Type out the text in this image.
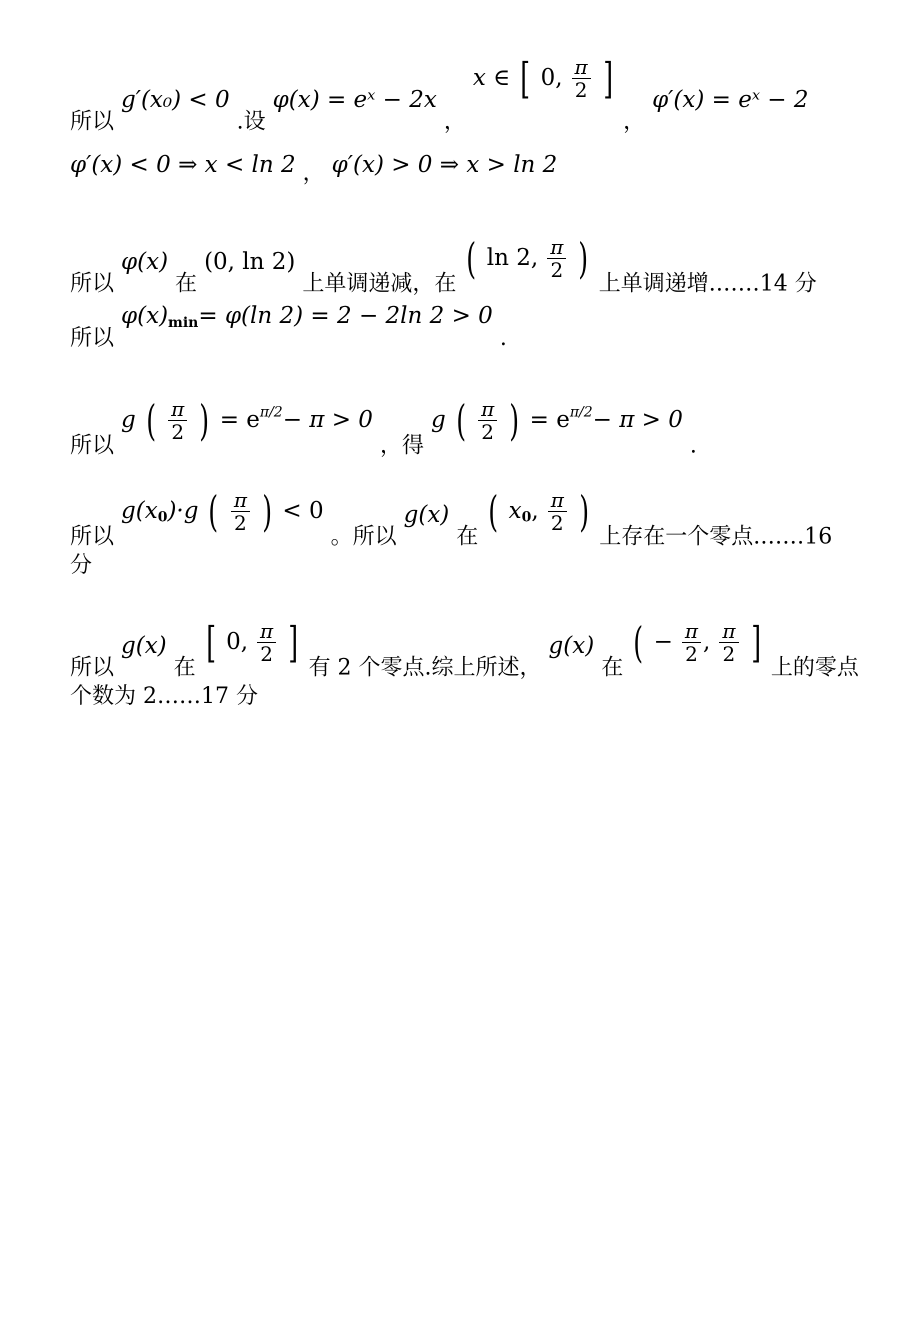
所以 g′(x₀) < 0 .设 φ(x) = eˣ − 2x ， x ∈ [ 0, $\frac{\pi}{2}$ ] ， φ′(x) = eˣ − 2
φ′(x) < 0 ⇒ x < ln 2 ， φ′(x) > 0 ⇒ x > ln 2
所以 φ(x) 在 (0, ln 2) 上单调递减，在 ( ln 2, $\frac{\pi}{2}$ ) 上单调递增.……14 分
所以 $\varphi(x)_{min}= \varphi(\ln$ 2) = 2 − 2ln 2 > 0 .
所以 g ( $\frac{\pi}{2}$ ) = $e^{\pi/2}- \pi > 0$ ，得 g ( $\frac{\pi}{2}$ ) = $e^{\pi/2}- \pi > 0$ .
所以 $g(x_0)\cdot g$ ( $\frac{\pi}{2}$ ) < 0 。所以 g(x) 在 ( $x_0$, $\frac{\pi}{2}$ ) 上存在一个零点.……16
分
所以 g(x) 在 [ 0, $\frac{\pi}{2}$ ] 有 2 个零点.综上所述， g(x) 在 ( − $\frac{\pi}{2}$ , $\frac{\pi}{2}$ ] 上的零点
个数为 2……17 分
